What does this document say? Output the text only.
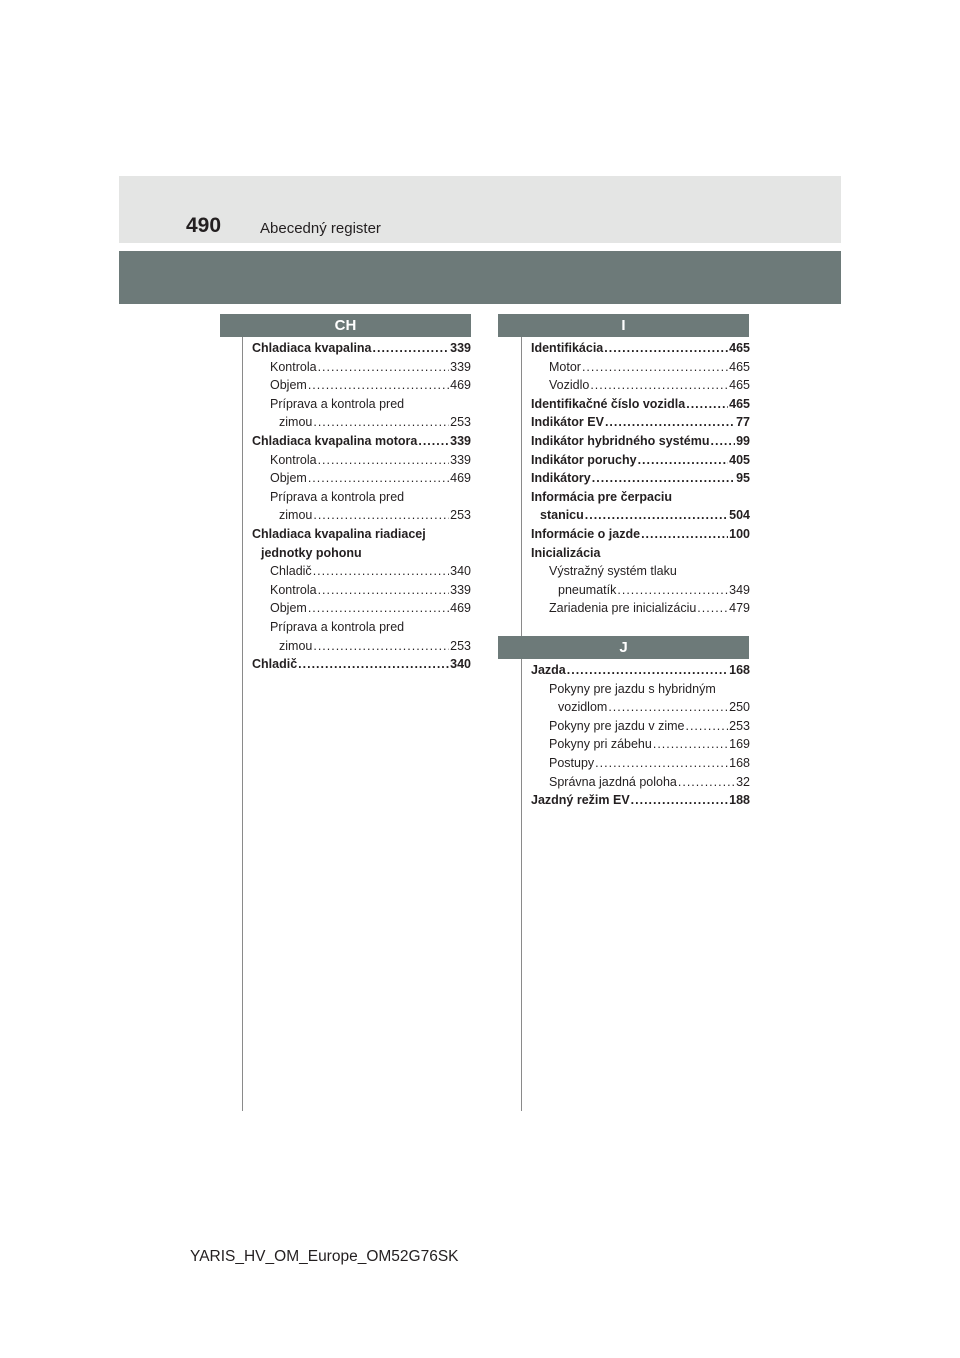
490	Abecedný register
CH
Chladiaca kvapalina .....	339
Kontrola .....	339
Objem .....	469
Príprava a kontrola pred
zimou .....	253
Chladiaca kvapalina motora .....	339
Kontrola .....	339
Objem .....	469
Príprava a kontrola pred
zimou .....	253
Chladiaca kvapalina riadiacej
jednotky pohonu
Chladič .....	340
Kontrola .....	339
Objem .....	469
Príprava a kontrola pred
zimou .....	253
Chladič .....	340
I
Identifikácia .....	465
Motor .....	465
Vozidlo .....	465
Identifikačné číslo vozidla .....	465
Indikátor EV .....	77
Indikátor hybridného systému ..... 99
Indikátor poruchy .....	405
Indikátory .....	95
Informácia pre čerpaciu
stanicu .....	504
Informácie o jazde .....	100
Inicializácia
Výstražný systém tlaku
pneumatík .....	349
Zariadenia pre inicializáciu .....	479
J
Jazda .....	168
Pokyny pre jazdu s hybridným
vozidlom .....	250
Pokyny pre jazdu v zime .....	253
Pokyny pri zábehu .....	169
Postupy .....	168
Správna jazdná poloha .....	32
Jazdný režim EV .....	188
YARIS_HV_OM_Europe_OM52G76SK
